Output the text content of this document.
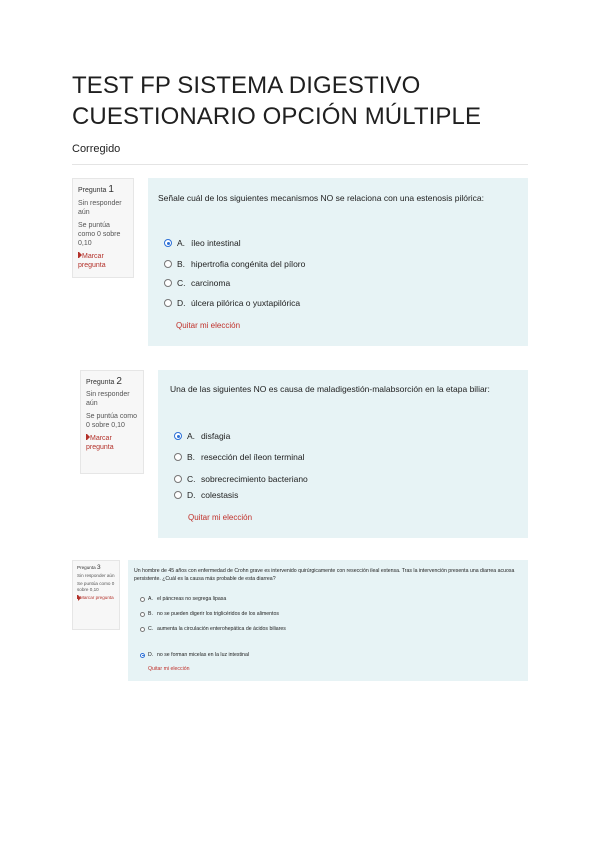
TEST FP SISTEMA DIGESTIVO
CUESTIONARIO OPCIÓN MÚLTIPLE
Corregido
Pregunta 1
Sin responder aún
Se puntúa como 0 sobre 0,10
Marcar pregunta
Señale cuál de los siguientes mecanismos NO se relaciona con una estenosis pilórica:
A. íleo intestinal
B. hipertrofia congénita del píloro
C. carcinoma
D. úlcera pilórica o yuxtapilórica
Quitar mi elección
Pregunta 2
Sin responder aún
Se puntúa como 0 sobre 0,10
Marcar pregunta
Una de las siguientes NO es causa de maladigestión-malabsorción en la etapa biliar:
A. disfagia
B. resección del íleon terminal
C. sobrecrecimiento bacteriano
D. colestasis
Quitar mi elección
Pregunta 3
Sin responder aún
Se puntúa como 0 sobre 0,10
Marcar pregunta
Un hombre de 45 años con enfermedad de Crohn grave es intervenido quirúrgicamente con resección ileal extensa. Tras la intervención presenta una diarrea acuosa persistente. ¿Cuál es la causa más probable de esta diarrea?
A. el páncreas no segrega lipasa
B. no se pueden digerir los triglicéridos de los alimentos
C. aumenta la circulación enterohepática de ácidos biliares
D. no se forman micelas en la luz intestinal
Quitar mi elección
